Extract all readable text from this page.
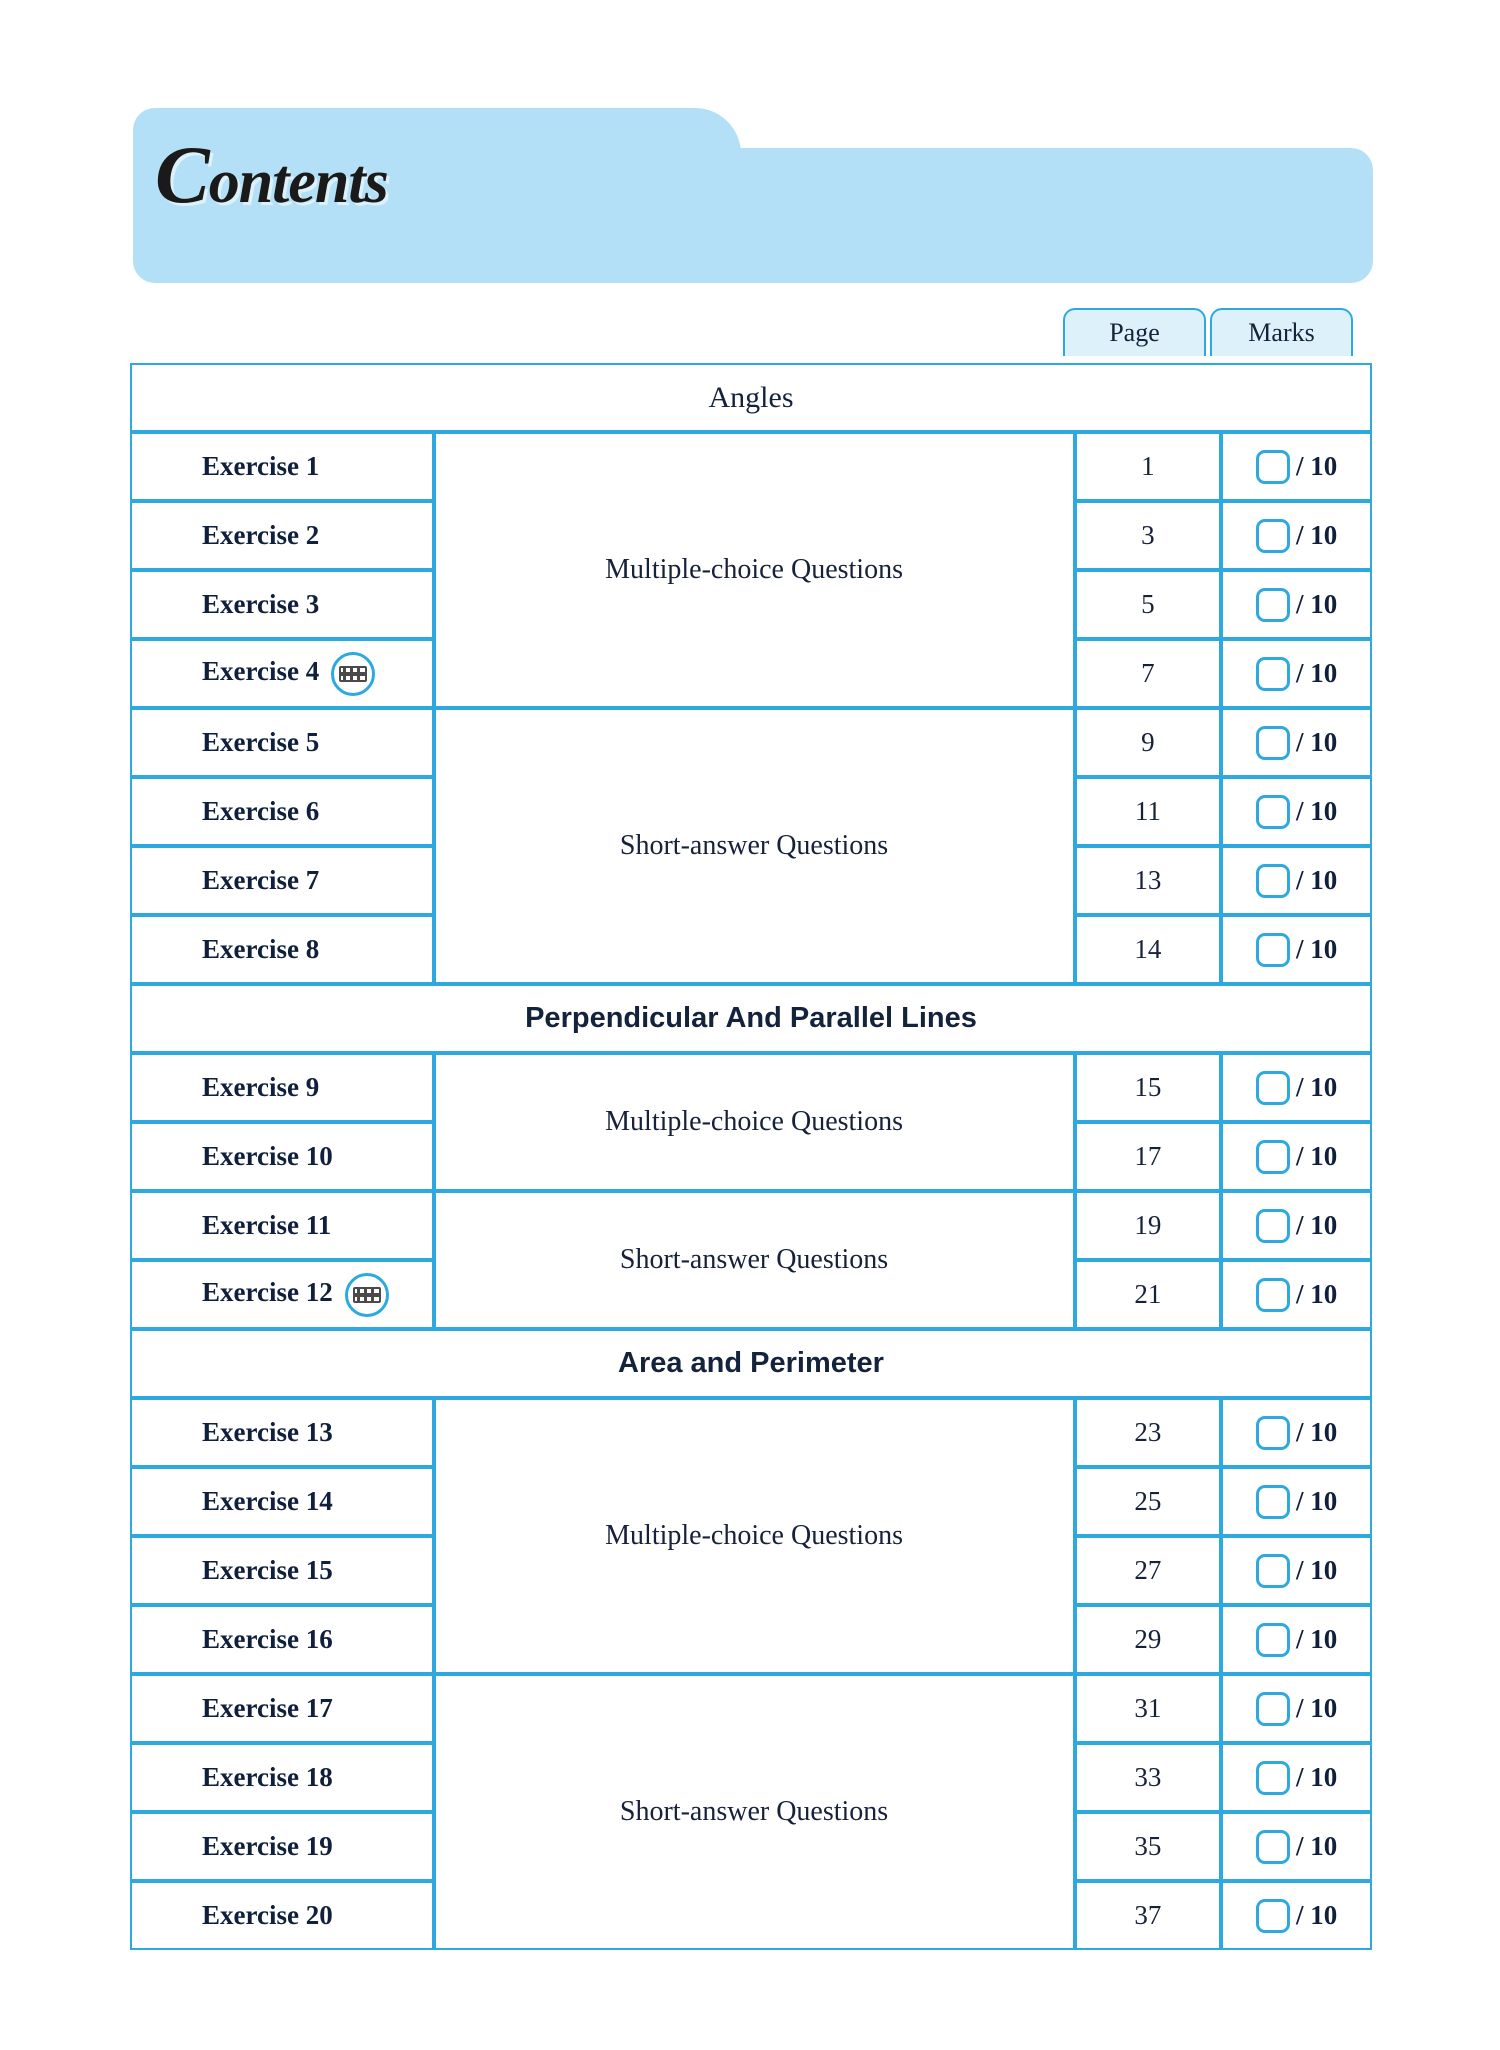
Contents
Page	Marks
Angles			
Exercise 1	Multiple-choice Questions	1	/ 10

Exercise 2		3	/ 10

Exercise 3		5	/ 10

Exercise 4		7	/ 10

Exercise 5	Short-answer Questions	9	/ 10

Exercise 6		11	/ 10

Exercise 7		13	/ 10

Exercise 8		14	/ 10

Perpendicular And Parallel Lines			
Exercise 9	Multiple-choice Questions	15	/ 10

Exercise 10		17	/ 10

Exercise 11	Short-answer Questions	19	/ 10

Exercise 12		21	/ 10

Area and Perimeter			
Exercise 13	Multiple-choice Questions	23	/ 10

Exercise 14		25	/ 10

Exercise 15		27	/ 10

Exercise 16		29	/ 10

Exercise 17	Short-answer Questions	31	/ 10

Exercise 18		33	/ 10

Exercise 19		35	/ 10

Exercise 20		37	/ 10
